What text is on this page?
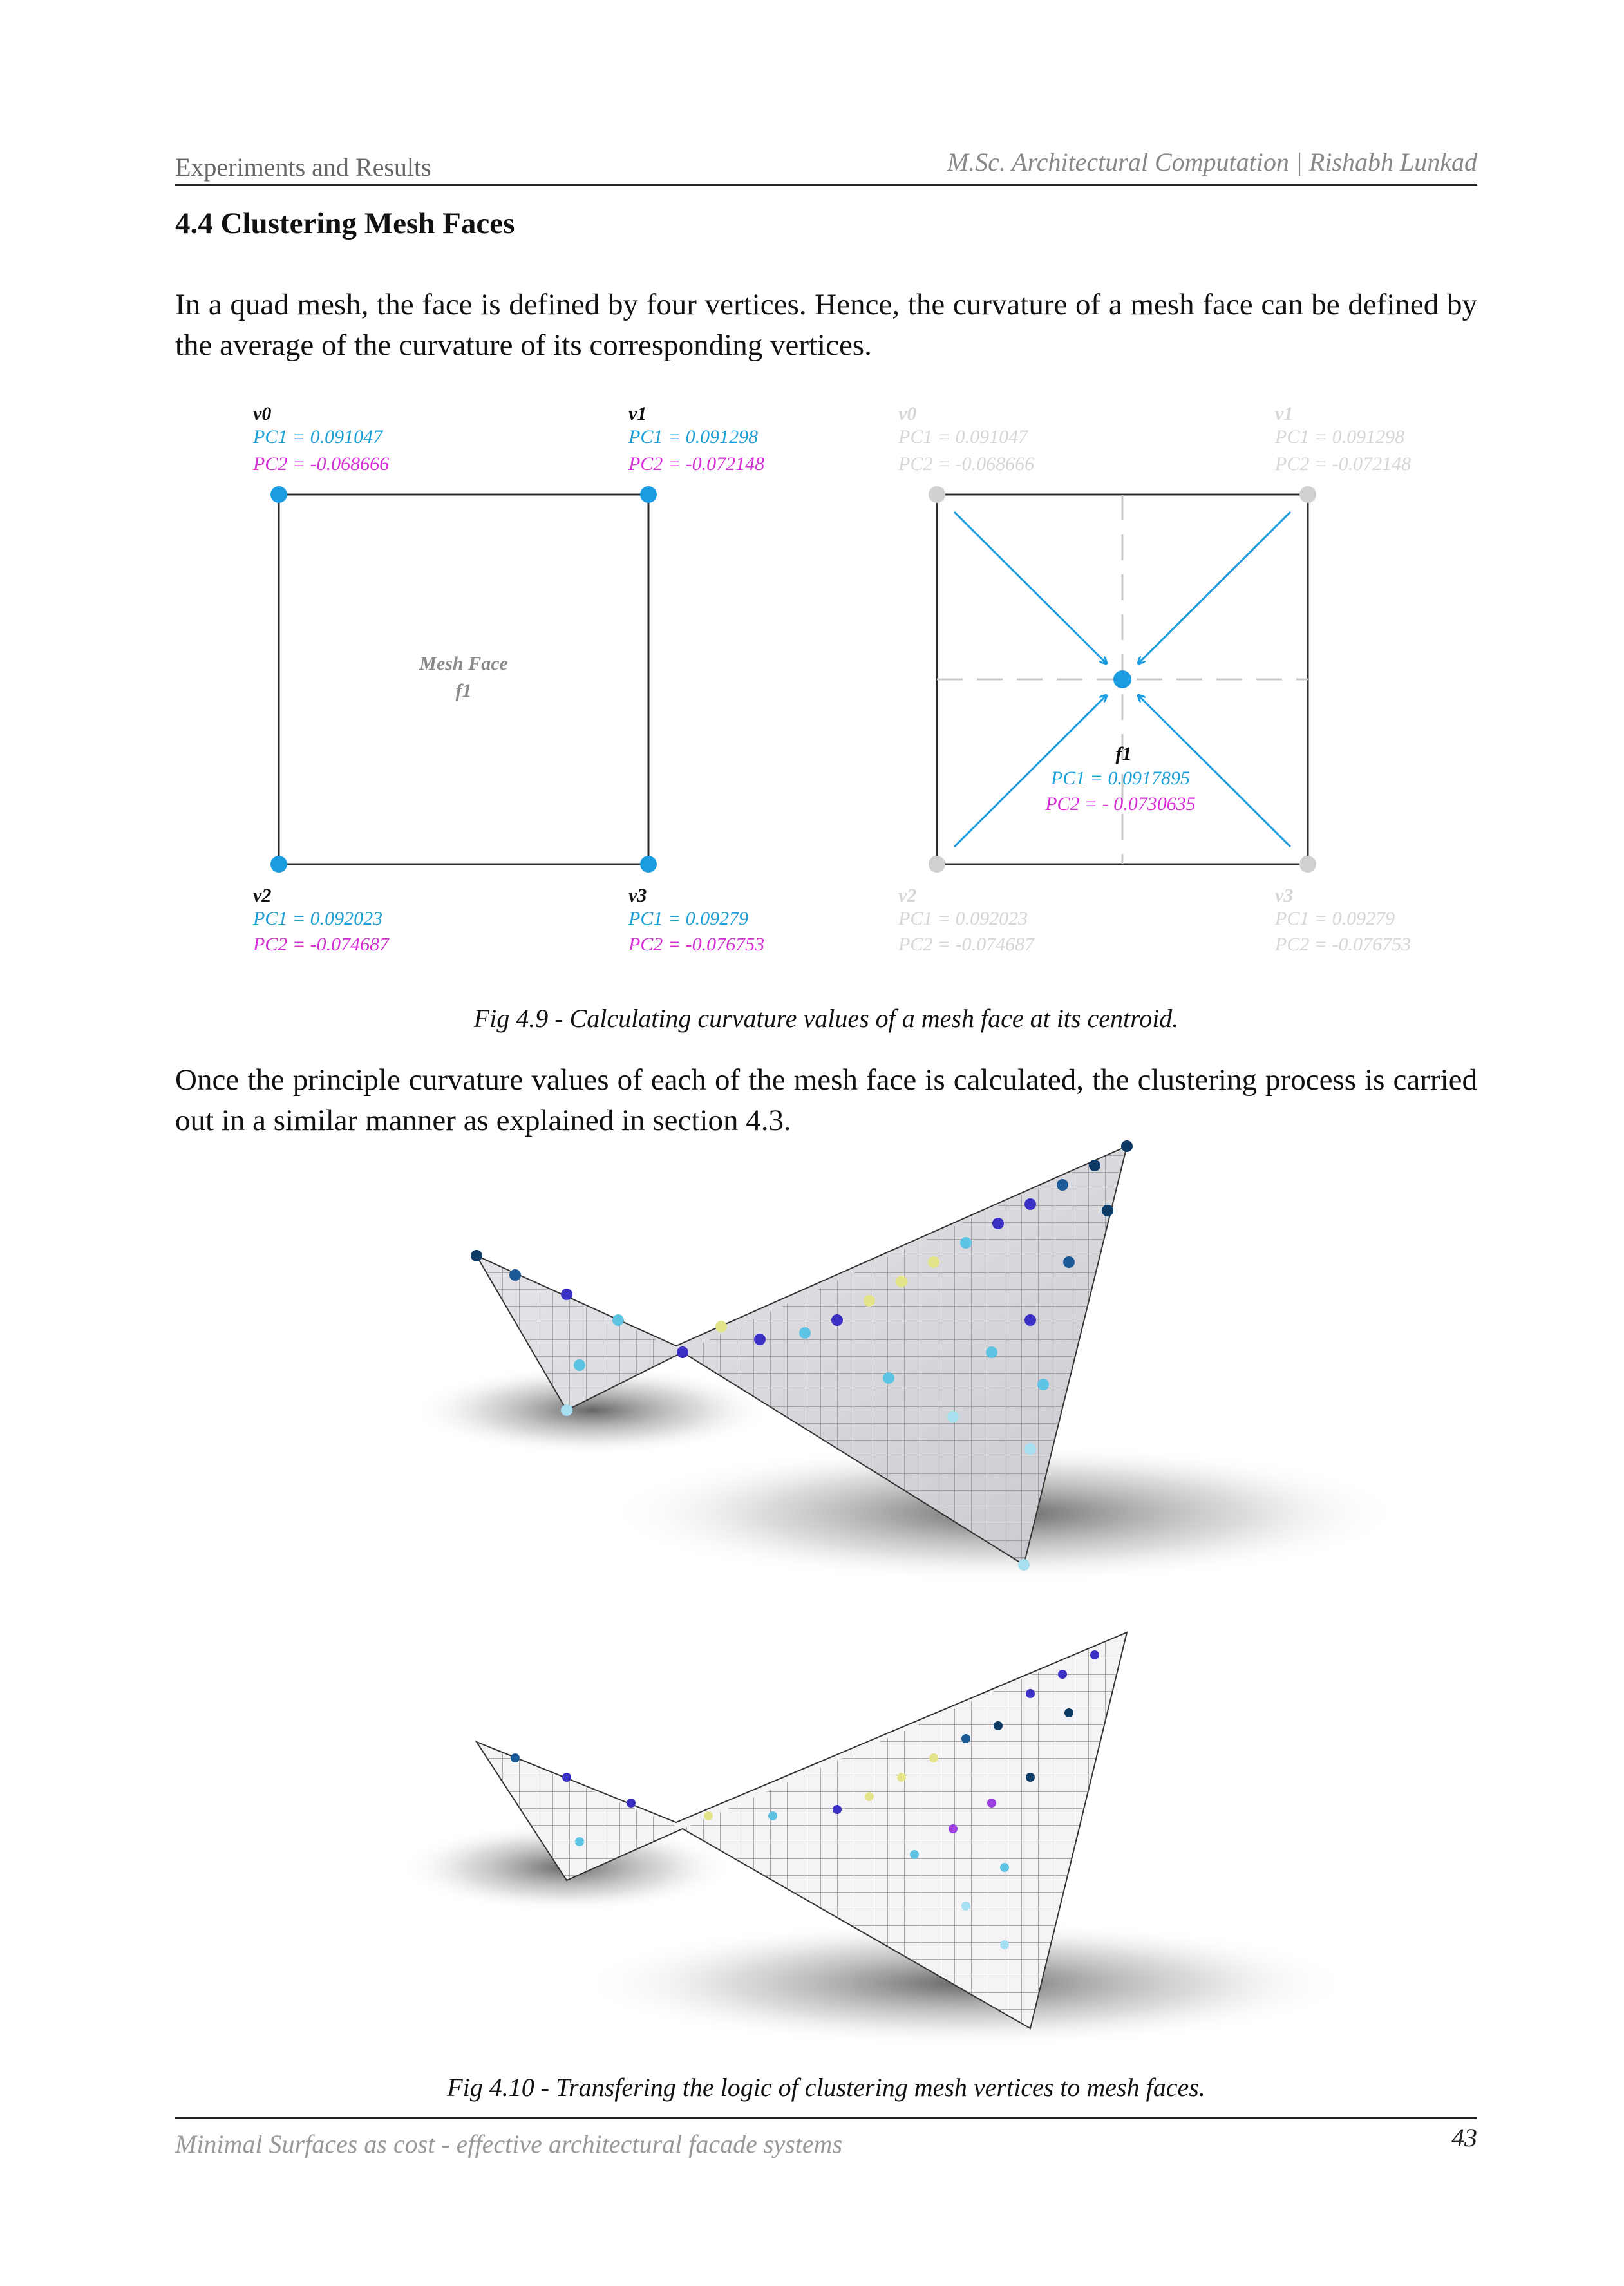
Experiments and Results	M.Sc. Architectural Computation | Rishabh Lunkad
4.4 Clustering Mesh Faces
In a quad mesh, the face is defined by four vertices. Hence, the curvature of a mesh face can be defined by the average of the curvature of its corresponding vertices.
Mesh Face
f1
v0
PC1 = 0.091047
PC2 = -0.068666
v1
PC1 = 0.091298
PC2 = -0.072148
v2
PC1 = 0.092023
PC2 = -0.074687
v3
PC1 = 0.09279
PC2 = -0.076753
f1
PC1 = 0.0917895
PC2 = - 0.0730635
v0
PC1 = 0.091047
PC2 = -0.068666
v1
PC1 = 0.091298
PC2 = -0.072148
v2
PC1 = 0.092023
PC2 = -0.074687
v3
PC1 = 0.09279
PC2 = -0.076753
Fig 4.9 - Calculating curvature values of a mesh face at its centroid.
Once the principle curvature values of each of the mesh face is calculated, the clustering process is carried out in a similar manner as explained in section 4.3.
Fig 4.10 - Transfering the logic of clustering mesh vertices to mesh faces.
Minimal Surfaces as cost - effective architectural facade systems	43
